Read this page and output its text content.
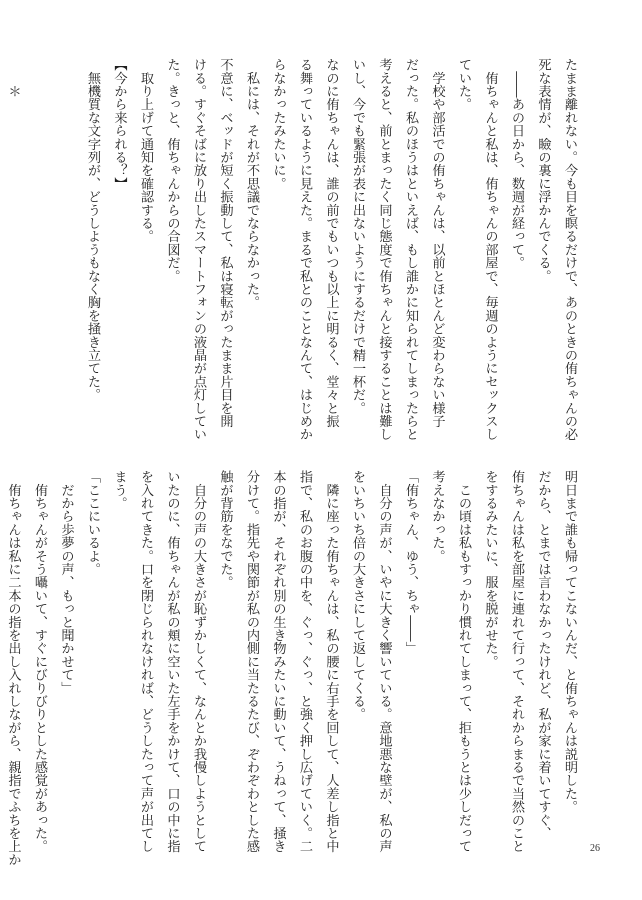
たまま離れない。今も目を瞑るだけで、あのときの侑ちゃんの必

死な表情が、瞼の裏に浮かんでくる。

　――あの日から、数週が経って。

　侑ちゃんと私は、侑ちゃんの部屋で、毎週のようにセックスし

ていた。

　学校や部活での侑ちゃんは、以前とほとんど変わらない様子

だった。私のほうはといえば、もし誰かに知られてしまったらと

考えると、前とまったく同じ態度で侑ちゃんと接することは難し

いし、今でも緊張が表に出ないようにするだけで精一杯だ。

なのに侑ちゃんは、誰の前でもいつも以上に明るく、堂々と振

る舞っているように見えた。まるで私とのことなんて、はじめか

らなかったみたいに。

　私には、それが不思議でならなかった。

不意に、ベッドが短く振動して、私は寝転がったまま片目を開

ける。すぐそばに放り出したスマートフォンの液晶が点灯してい

た。きっと、侑ちゃんからの合図だ。

　取り上げて通知を確認する。

【今から来られる？】

　無機質な文字列が、どうしようもなく胸を掻き立てた。

　　＊

明日まで誰も帰ってこないんだ、と侑ちゃんは説明した。

だから、とまでは言わなかったけれど、私が家に着いてすぐ、

侑ちゃんは私を部屋に連れて行って、それからまるで当然のこと

をするみたいに、服を脱がせた。

　この頃は私もすっかり慣れてしまって、拒もうとは少しだって

考えなかった。

「侑ちゃん、ゆう、ちゃ――」

　自分の声が、いやに大きく響いている。意地悪な壁が、私の声

をいちいち倍の大きさにして返してくる。

　隣に座った侑ちゃんは、私の腰に右手を回して、人差し指と中

指で、私のお腹の中を、ぐっ、ぐっ、と強く押し広げていく。二

本の指が、それぞれ別の生き物みたいに動いて、うねって、掻き

分けて。指先や関節が私の内側に当たるたび、ぞわぞわとした感

触が背筋をなでた。

　自分の声の大きさが恥ずかしくて、なんとか我慢しようとして

いたのに、侑ちゃんが私の頬に空いた左手をかけて、口の中に指

を入れてきた。口を閉じられなければ、どうしたって声が出てし

まう。

「ここにいるよ。

　だから歩夢の声、もっと聞かせて」

　侑ちゃんがそう囁いて、すぐにびりびりとした感覚があった。

　侑ちゃんは私に二本の指を出し入れしながら、親指でふちを上か	26
